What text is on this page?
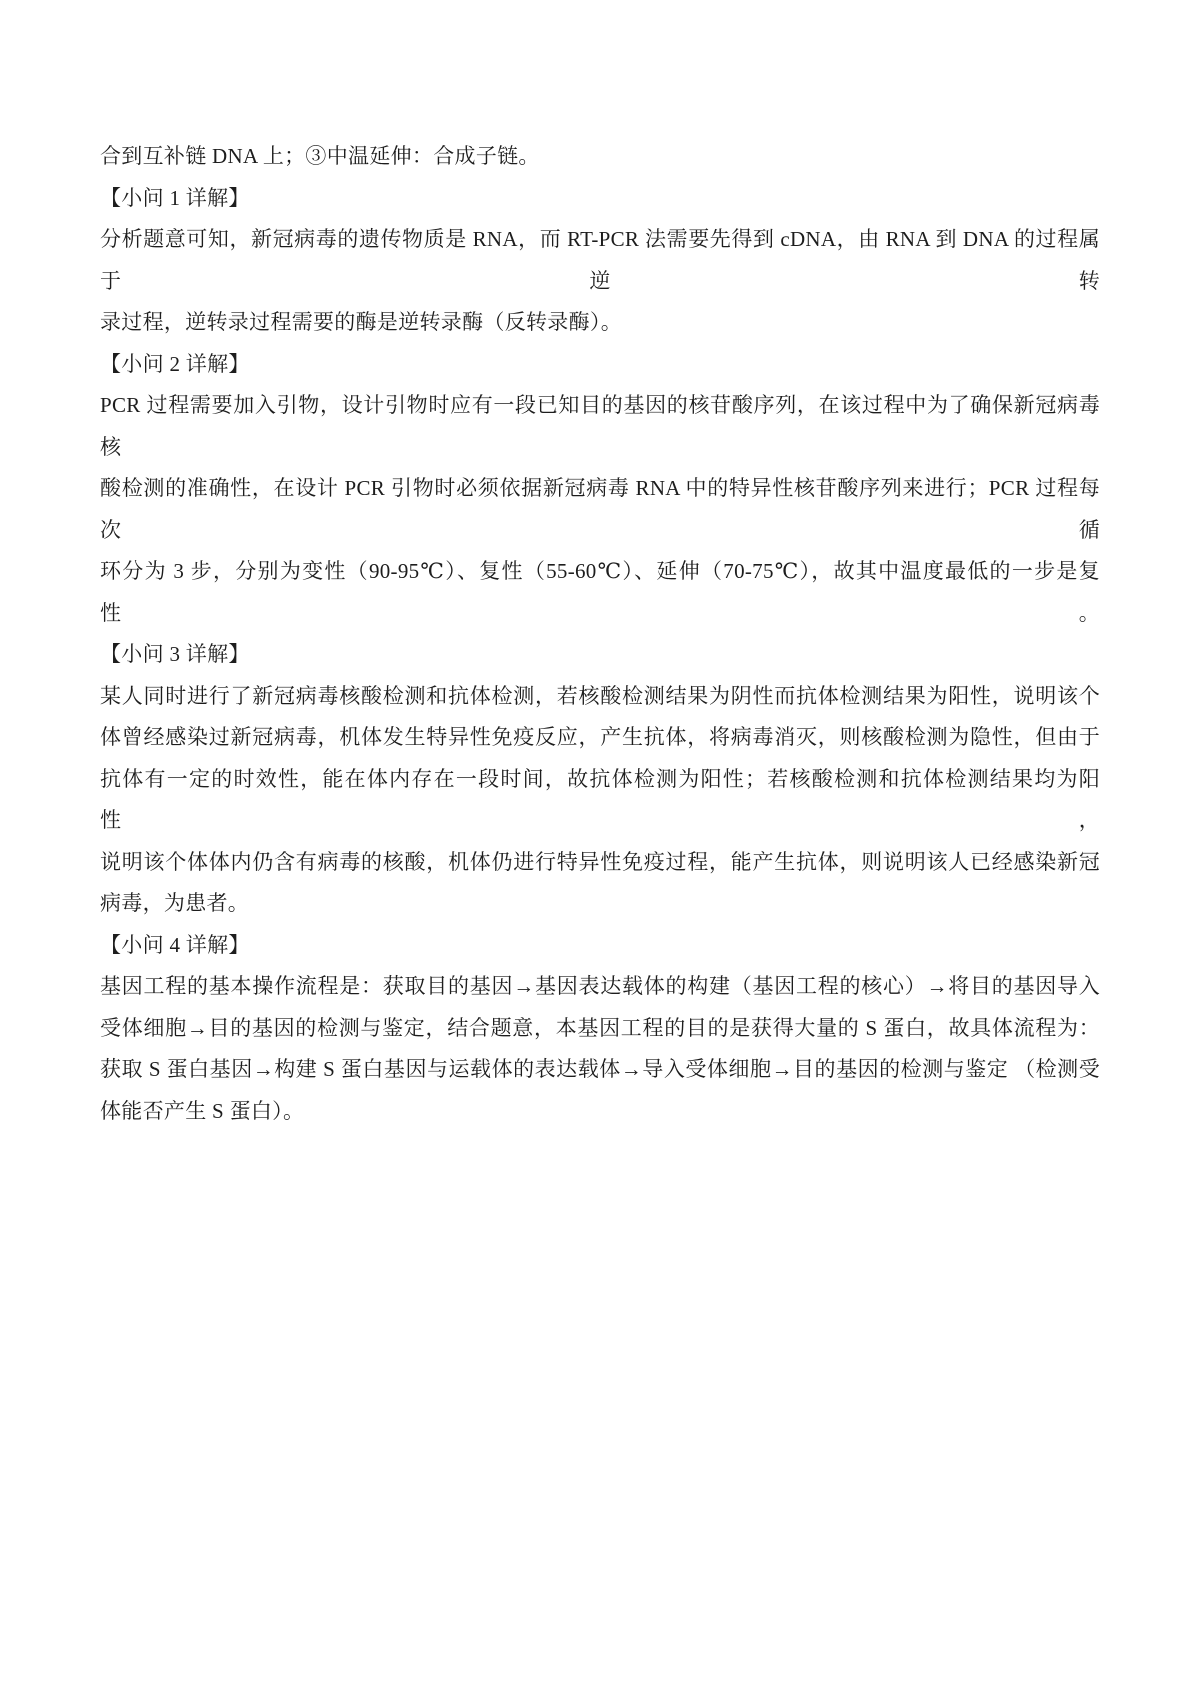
合到互补链 DNA 上；③中温延伸：合成子链。
【小问 1 详解】
分析题意可知，新冠病毒的遗传物质是 RNA，而 RT-PCR 法需要先得到 cDNA，由 RNA 到 DNA 的过程属于逆转
录过程，逆转录过程需要的酶是逆转录酶（反转录酶）。
【小问 2 详解】
PCR 过程需要加入引物，设计引物时应有一段已知目的基因的核苷酸序列，在该过程中为了确保新冠病毒核
酸检测的准确性，在设计 PCR 引物时必须依据新冠病毒 RNA 中的特异性核苷酸序列来进行；PCR 过程每次循
环分为 3 步，分别为变性（90-95℃）、复性（55-60℃）、延伸（70-75℃），故其中温度最低的一步是复性。
【小问 3 详解】
某人同时进行了新冠病毒核酸检测和抗体检测，若核酸检测结果为阴性而抗体检测结果为阳性，说明该个
体曾经感染过新冠病毒，机体发生特异性免疫反应，产生抗体，将病毒消灭，则核酸检测为隐性，但由于
抗体有一定的时效性，能在体内存在一段时间，故抗体检测为阳性；若核酸检测和抗体检测结果均为阳性，
说明该个体体内仍含有病毒的核酸，机体仍进行特异性免疫过程，能产生抗体，则说明该人已经感染新冠
病毒，为患者。
【小问 4 详解】
基因工程的基本操作流程是：获取目的基因→基因表达载体的构建（基因工程的核心）→将目的基因导入
受体细胞→目的基因的检测与鉴定，结合题意，本基因工程的目的是获得大量的 S 蛋白，故具体流程为：
获取 S 蛋白基因→构建 S 蛋白基因与运载体的表达载体→导入受体细胞→目的基因的检测与鉴定 （检测受
体能否产生 S 蛋白）。
